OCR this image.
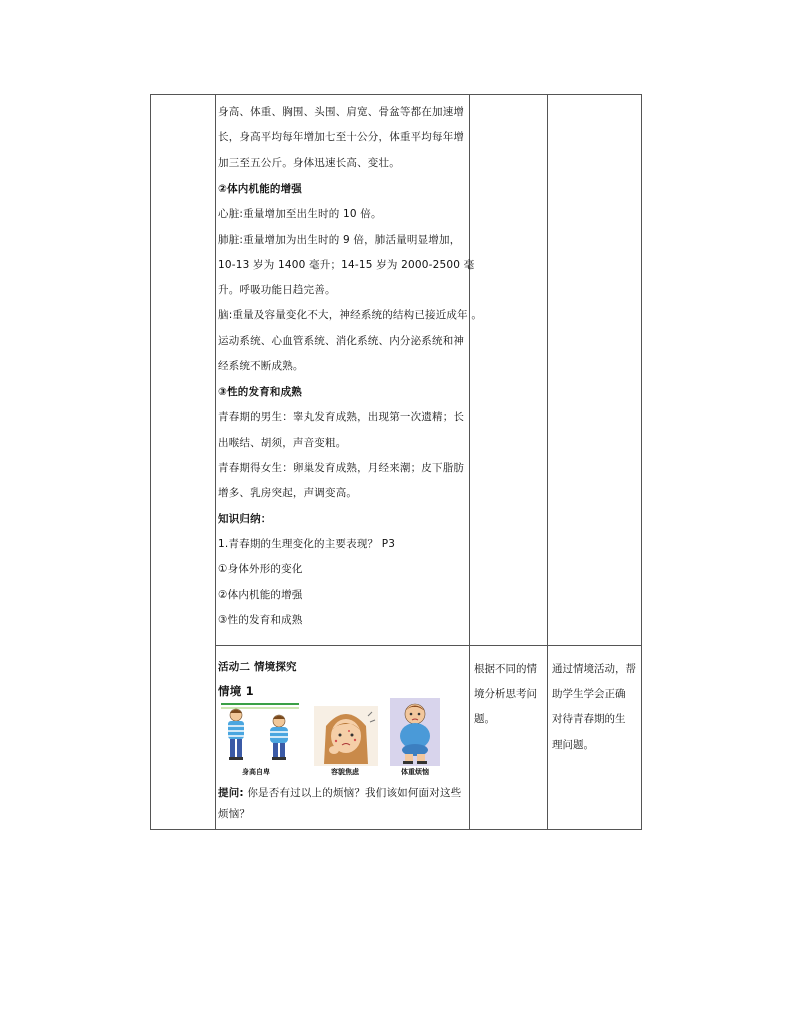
身高、体重、胸围、头围、肩宽、骨盆等都在加速增
长，身高平均每年增加七至十公分，体重平均每年增
加三至五公斤。身体迅速长高、变壮。
②体内机能的增强
心脏:重量增加至出生时的 10 倍。
肺脏:重量增加为出生时的 9 倍，肺活量明显增加，
10-13 岁为 1400 毫升；14-15 岁为 2000-2500 毫
升。呼吸功能日趋完善。
脑:重量及容量变化不大，神经系统的结构已接近成年 。
运动系统、心血管系统、消化系统、内分泌系统和神
经系统不断成熟。
③性的发育和成熟
青春期的男生：睾丸发育成熟，出现第一次遗精；长
出喉结、胡须，声音变粗。
青春期得女生：卵巢发育成熟，月经来潮；皮下脂肪
增多、乳房突起，声调变高。
知识归纳：
1.青春期的生理变化的主要表现？ P3
①身体外形的变化
②体内机能的增强
③性的发育和成熟
活动二 情境探究
情境 1
身高自卑	容貌焦虑	体重烦恼
提问: 你是否有过以上的烦恼？我们该如何面对这些
烦恼？
根据不同的情
境分析思考问
题。
通过情境活动，帮
助学生学会正确
对待青春期的生
理问题。
